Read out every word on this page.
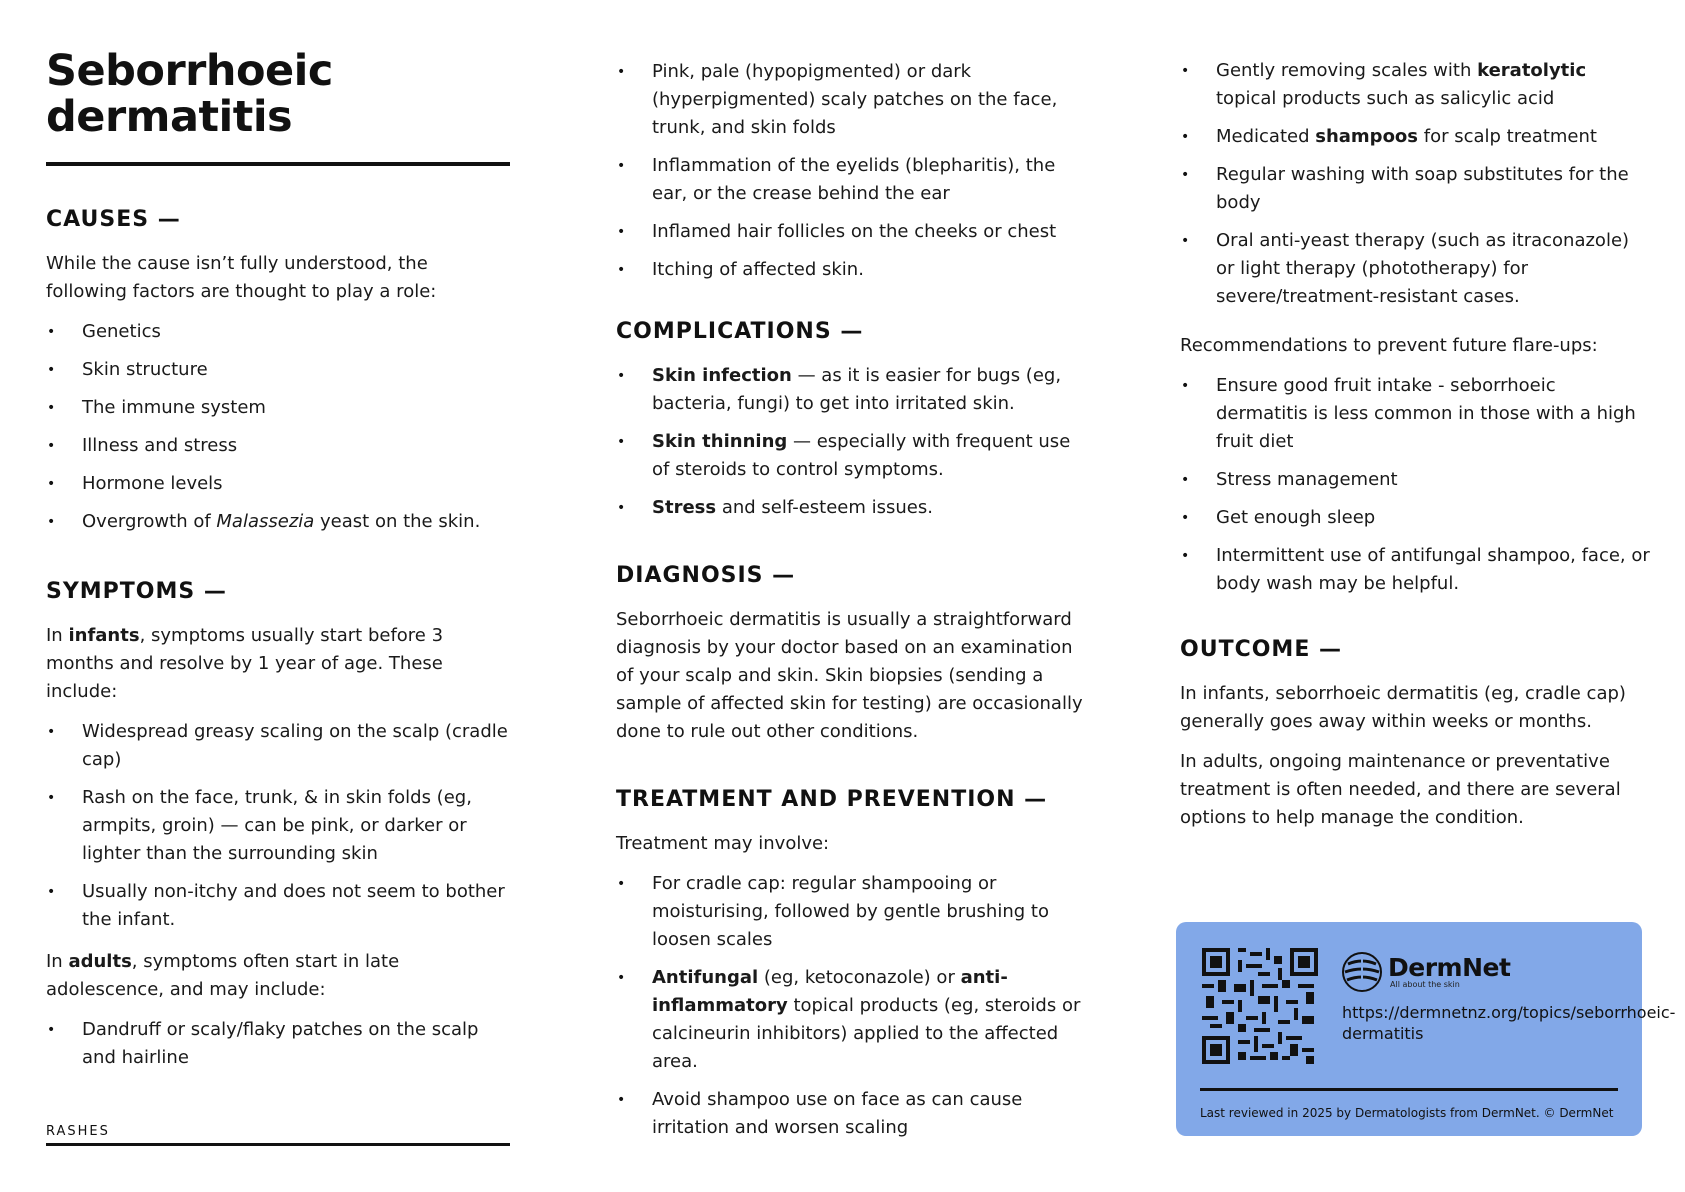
Seborrhoeic
dermatitis
CAUSES —

While the cause isn’t fully understood, the following factors are thought to play a role:

• Genetics
• Skin structure
• The immune system
• Illness and stress
• Hormone levels
• Overgrowth of Malassezia yeast on the skin.
SYMPTOMS —

In infants, symptoms usually start before 3 months and resolve by 1 year of age. These include:

• Widespread greasy scaling on the scalp (cradle cap)
• Rash on the face, trunk, & in skin folds (eg, armpits, groin) — can be pink, or darker or lighter than the surrounding skin
• Usually non-itchy and does not seem to bother the infant.

In adults, symptoms often start in late adolescence, and may include:

• Dandruff or scaly/flaky patches on the scalp and hairline
RASHES
• Pink, pale (hypopigmented) or dark (hyperpigmented) scaly patches on the face, trunk, and skin folds
• Inflammation of the eyelids (blepharitis), the ear, or the crease behind the ear
• Inflamed hair follicles on the cheeks or chest
• Itching of affected skin.
COMPLICATIONS —
• Skin infection — as it is easier for bugs (eg, bacteria, fungi) to get into irritated skin.
• Skin thinning — especially with frequent use of steroids to control symptoms.
• Stress and self-esteem issues.
DIAGNOSIS —

Seborrhoeic dermatitis is usually a straightforward diagnosis by your doctor based on an examination of your scalp and skin. Skin biopsies (sending a sample of affected skin for testing) are occasionally done to rule out other conditions.

TREATMENT AND PREVENTION —

Treatment may involve:

• For cradle cap: regular shampooing or moisturising, followed by gentle brushing to loosen scales
• Antifungal (eg, ketoconazole) or anti-inflammatory topical products (eg, steroids or calcineurin inhibitors) applied to the affected area.
• Avoid shampoo use on face as can cause irritation and worsen scaling
• Gently removing scales with keratolytic topical products such as salicylic acid
• Medicated shampoos for scalp treatment
• Regular washing with soap substitutes for the body
• Oral anti-yeast therapy (such as itraconazole) or light therapy (phototherapy) for severe/treatment-resistant cases.

Recommendations to prevent future flare-ups:

• Ensure good fruit intake - seborrhoeic dermatitis is less common in those with a high fruit diet
• Stress management
• Get enough sleep
• Intermittent use of antifungal shampoo, face, or body wash may be helpful.
OUTCOME —

In infants, seborrhoeic dermatitis (eg, cradle cap) generally goes away within weeks or months.

In adults, ongoing maintenance or preventative treatment is often needed, and there are several options to help manage the condition.

DermNet
All about the skin
https://dermnetnz.org/topics/seborrhoeic-dermatitis
Last reviewed in 2025 by Dermatologists from DermNet. © DermNet
